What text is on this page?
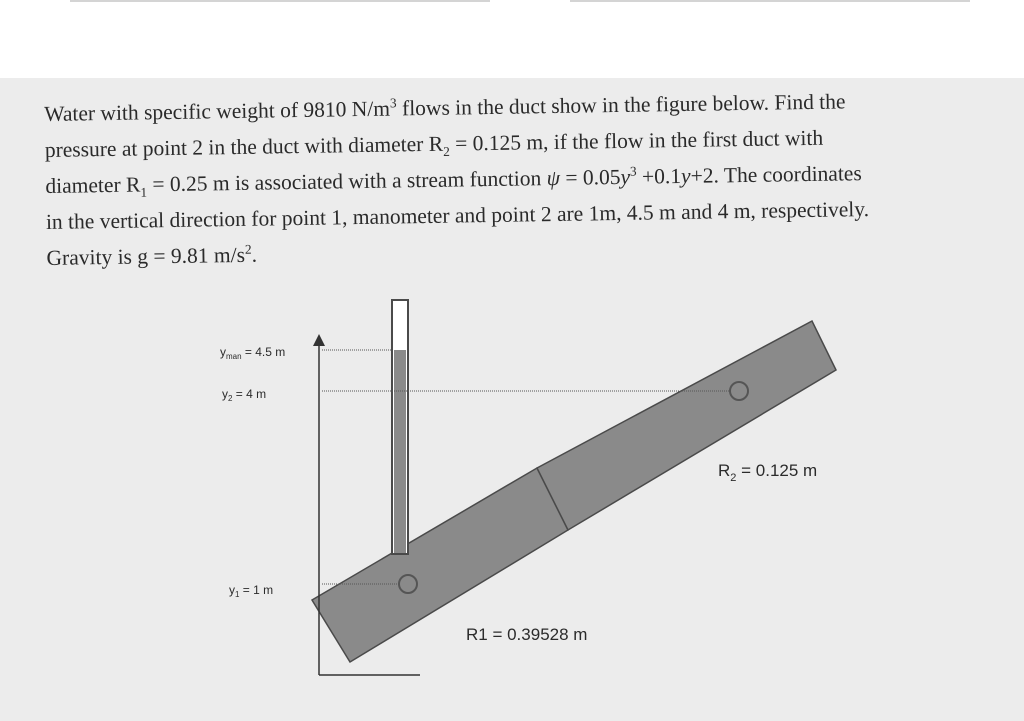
Water with specific weight of 9810 $N/m^3$ flows in the duct show in the figure below. Find the
pressure at point 2 in the duct with diameter $R_2 = 0.125$ m, if the flow in the first duct with
diameter $R_1 = 0.25$ m is associated with a stream function $\psi = 0.05y^3 +0.1y+2$. The coordinates
in the vertical direction for point 1, manometer and point 2 are 1m, 4.5 m and 4 m, respectively.
Gravity is g = 9.81 $m/s^2$.
$y_{man} = 4.5$ m
$y_2 = 4$ m
$y_1 = 1$ m
$R_2 = 0.125$ m
R1 = 0.39528 m
